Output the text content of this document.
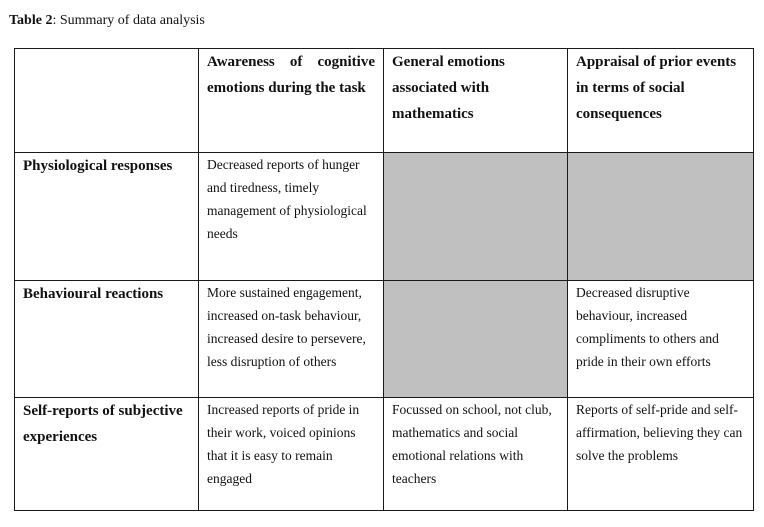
Table 2: Summary of data analysis
	Awareness of cognitive emotions during the task	General emotions associated with mathematics	Appraisal of prior events in terms of social consequences
Physiological responses	Decreased reports of hunger and tiredness, timely management of physiological needs		
Behavioural reactions	More sustained engagement, increased on-task behaviour, increased desire to persevere, less disruption of others		Decreased disruptive behaviour, increased compliments to others and pride in their own efforts
Self-reports of subjective experiences	Increased reports of pride in their work, voiced opinions that it is easy to remain engaged	Focussed on school, not club, mathematics and social emotional relations with teachers	Reports of self-pride and self-affirmation, believing they can solve the problems
